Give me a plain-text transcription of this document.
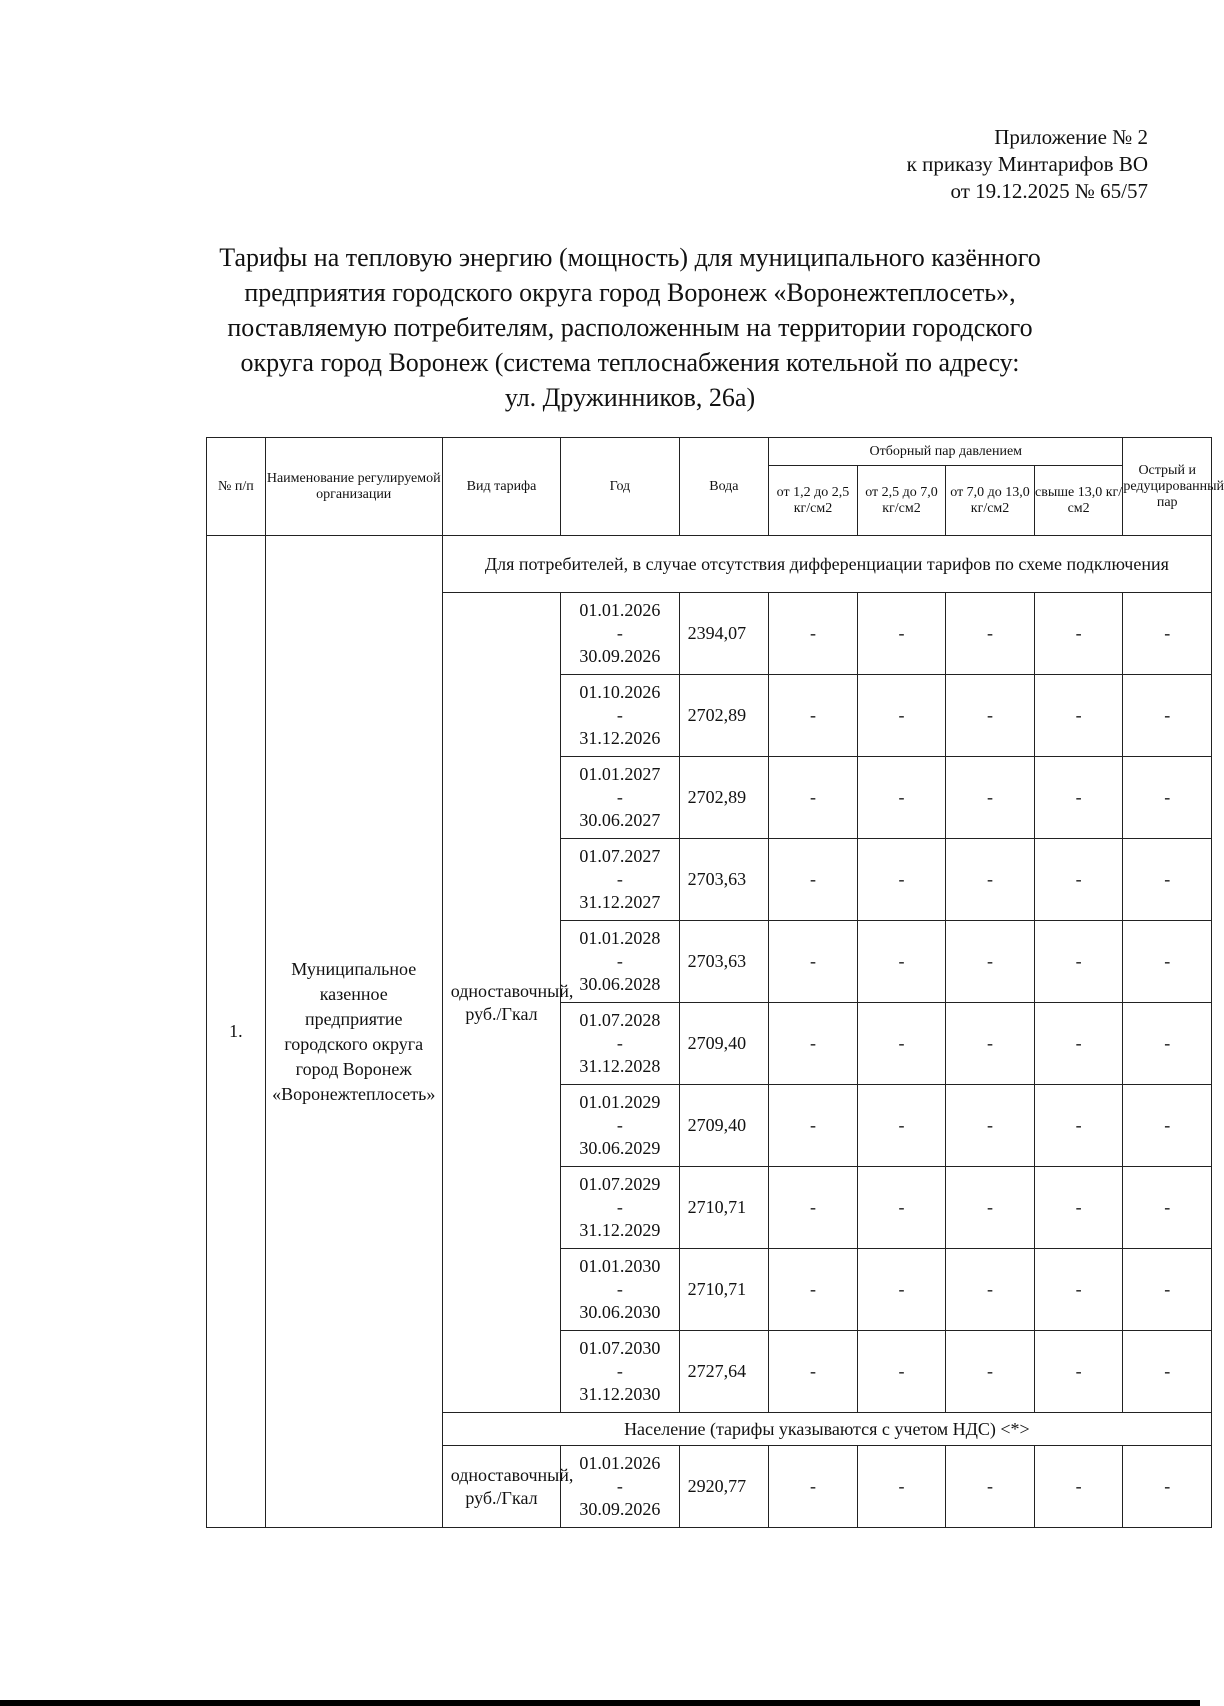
Приложение № 2
к приказу Минтарифов ВО
от 19.12.2025 № 65/57
Тарифы на тепловую энергию (мощность) для муниципального казённого
предприятия городского округа город Воронеж «Воронежтеплосеть»,
поставляемую потребителям, расположенным на территории городского
округа город Воронеж (система теплоснабжения котельной по адресу:
ул. Дружинников, 26а)
№ п/п	Наименование регулируемой организации	Вид тарифа	Год	Вода	Отборный пар давлением				Острый и редуцированный пар
					от 1,2 до 2,5 кг/см2	от 2,5 до 7,0 кг/см2	от 7,0 до 13,0 кг/см2	свыше 13,0 кг/см2	
1.	Муниципальное казенное предприятие городского округа город Воронеж «Воронежтеплосеть»	Для потребителей, в случае отсутствия дифференциации тарифов по схеме подключения							
		одноставочный, руб./Гкал	01.01.2026
-
30.09.2026	2394,07	-	-	-	-	-

			01.10.2026
-
31.12.2026	2702,89	-	-	-	-	-

			01.01.2027
-
30.06.2027	2702,89	-	-	-	-	-

			01.07.2027
-
31.12.2027	2703,63	-	-	-	-	-

			01.01.2028
-
30.06.2028	2703,63	-	-	-	-	-

			01.07.2028
-
31.12.2028	2709,40	-	-	-	-	-

			01.01.2029
-
30.06.2029	2709,40	-	-	-	-	-

			01.07.2029
-
31.12.2029	2710,71	-	-	-	-	-

			01.01.2030
-
30.06.2030	2710,71	-	-	-	-	-

			01.07.2030
-
31.12.2030	2727,64	-	-	-	-	-
		Население (тарифы указываются с учетом НДС) <*>							
		одноставочный, руб./Гкал	01.01.2026
-
30.09.2026	2920,77	-	-	-	-	-
